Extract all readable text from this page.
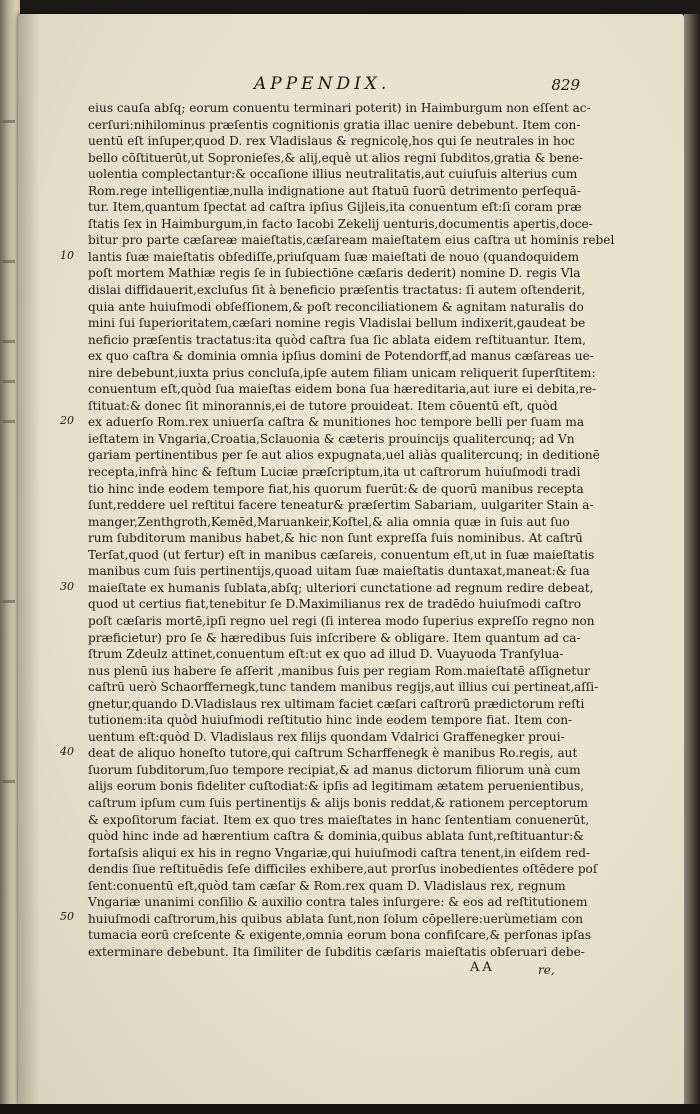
APPENDIX.	829
eius cauſa abſq; eorum conuentu terminari poterit) in Haimburgum non eſſent ac-
cerſuri:nihilominus præſentis cognitionis gratia illac uenire debebunt. Item con-
uentū eſt inſuper,quod D. rex Vladislaus & regnicolę,hos qui ſe neutrales in hoc
bello cōſtituerūt,ut Sopronieſes,& alij,equè ut alios regni ſubditos,gratia & bene-
uolentia complectantur:& occaſione illius neutralitatis,aut cuiuſuis alterius cum
Rom.rege intelligentiæ,nulla indignatione aut ſtatuū ſuorū detrimento perſequā-
tur. Item,quantum ſpectat ad caſtra ipſius Gijleis,ita conuentum eſt:ſi coram præ
ſtatis ſex in Haimburgum,in facto Iacobi Zekelij uenturis,documentis apertis,doce-
bitur pro parte cæſareæ maieſtatis,cæſaream maieſtatem eius caſtra ut hominis rebel
lantis ſuæ maieſtatis obſediſſe,priuſquam ſuæ maieſtati de nouo (quandoquidem
poſt mortem Mathiæ regis ſe in ſubiectiōne cæſaris dederit) nomine D. regis Vla
dislai diffidauerit,excluſus ſit à beneficio præſentis tractatus: ſi autem oſtenderit,
quia ante huiuſmodi obſeſſionem,& poſt reconciliationem & agnitam naturalis do
mini ſui ſuperioritatem,cæſari nomine regis Vladislai bellum indixerit,gaudeat be
neficio præſentis tractatus:ita quòd caſtra ſua ſic ablata eidem reſtituantur. Item,
ex quo caſtra & dominia omnia ipſius domini de Potendorff,ad manus cæſareas ue-
nire debebunt,iuxta prius concluſa,ipſe autem filiam unicam reliquerit ſuperſtitem:
conuentum eſt,quòd ſua maieſtas eidem bona ſua hæreditaria,aut iure ei debita,re-
ſtituat:& donec ſit minorannis,ei de tutore prouideat. Item cōuentū eſt, quòd
ex aduerſo Rom.rex uniuerſa caſtra & munitiones hoc tempore belli per ſuam ma
ieſtatem in Vngaria,Croatia,Sclauonia & cæteris prouincijs qualitercunq; ad Vn
gariam pertinentibus per ſe aut alios expugnata,uel aliàs qualitercunq; in deditionē
recepta,infrà hinc & feſtum Luciæ præſcriptum,ita ut caſtrorum huiuſmodi tradi
tio hinc inde eodem tempore fiat,his quorum fuerūt:& de quorū manibus recepta
ſunt,reddere uel reſtitui facere teneatur& præſertim Sabariam, uulgariter Stain a-
manger,Zenthgroth,Kemēd,Maruankeir,Koſtel,& alia omnia quæ in ſuis aut ſuo
rum ſubditorum manibus habet,& hic non ſunt expreſſa ſuis nominibus. At caſtrū
Terſat,quod (ut fertur) eſt in manibus cæſareis, conuentum eſt,ut in ſuæ maieſtatis
manibus cum ſuis pertinentijs,quoad uitam ſuæ maieſtatis duntaxat,maneat:& ſua
maieſtate ex humanis ſublata,abſq; ulteriori cunctatione ad regnum redire debeat,
quod ut certius fiat,tenebitur ſe D.Maximilianus rex de tradēdo huiuſmodi caſtro
poſt cæſaris mortē,ipſi regno uel regi (ſi interea modo ſuperius expreſſo regno non
præficietur) pro ſe & hæredibus ſuis inſcribere & obligare. Item quantum ad ca-
ſtrum Zdeulz attinet,conuentum eſt:ut ex quo ad illud D. Vuayuoda Tranſylua-
nus plenū ius habere ſe aſſerit ,manibus ſuis per regiam Rom.maieſtatē aſſignetur
caſtrū uerò Schaorffernegk,tunc tandem manibus regijs,aut illius cui pertineat,aſſi-
gnetur,quando D.Vladislaus rex ultimam faciet cæſari caſtrorū prædictorum reſti
tutionem:ita quòd huiuſmodi reſtitutio hinc inde eodem tempore fiat. Item con-
uentum eſt:quòd D. Vladislaus rex filijs quondam Vdalrici Graffenegker proui-
deat de aliquo honeſto tutore,qui caſtrum Scharffenegk è manibus Ro.regis, aut
ſuorum ſubditorum,ſuo tempore recipiat,& ad manus dictorum filiorum unà cum
alijs eorum bonis fideliter cuſtodiat:& ipſis ad legitimam ætatem peruenientibus,
caſtrum ipſum cum ſuis pertinentijs & alijs bonis reddat,& rationem perceptorum
& expoſitorum faciat. Item ex quo tres maieſtates in hanc ſententiam conuenerūt,
quòd hinc inde ad hærentium caſtra & dominia,quibus ablata ſunt,reſtituantur:&
fortaſsis aliqui ex his in regno Vngariæ,qui huiuſmodi caſtra tenent,in eiſdem red-
dendis ſiue reſtituēdis ſeſe difficiles exhibere,aut prorſus inobedientes oſtēdere poſ
ſent:conuentū eſt,quòd tam cæſar & Rom.rex quam D. Vladislaus rex, regnum
Vngariæ unanimi conſilio & auxilio contra tales inſurgere: & eos ad reſtitutionem
huiuſmodi caſtrorum,his quibus ablata ſunt,non ſolum cōpellere:uerùmetiam con
tumacia eorū creſcente & exigente,omnia eorum bona confiſcare,& perſonas ipſas
exterminare debebunt. Ita ſimiliter de ſubditis cæſaris maieſtatis obſeruari debe-
10
20
30
40
50
AA	re,
